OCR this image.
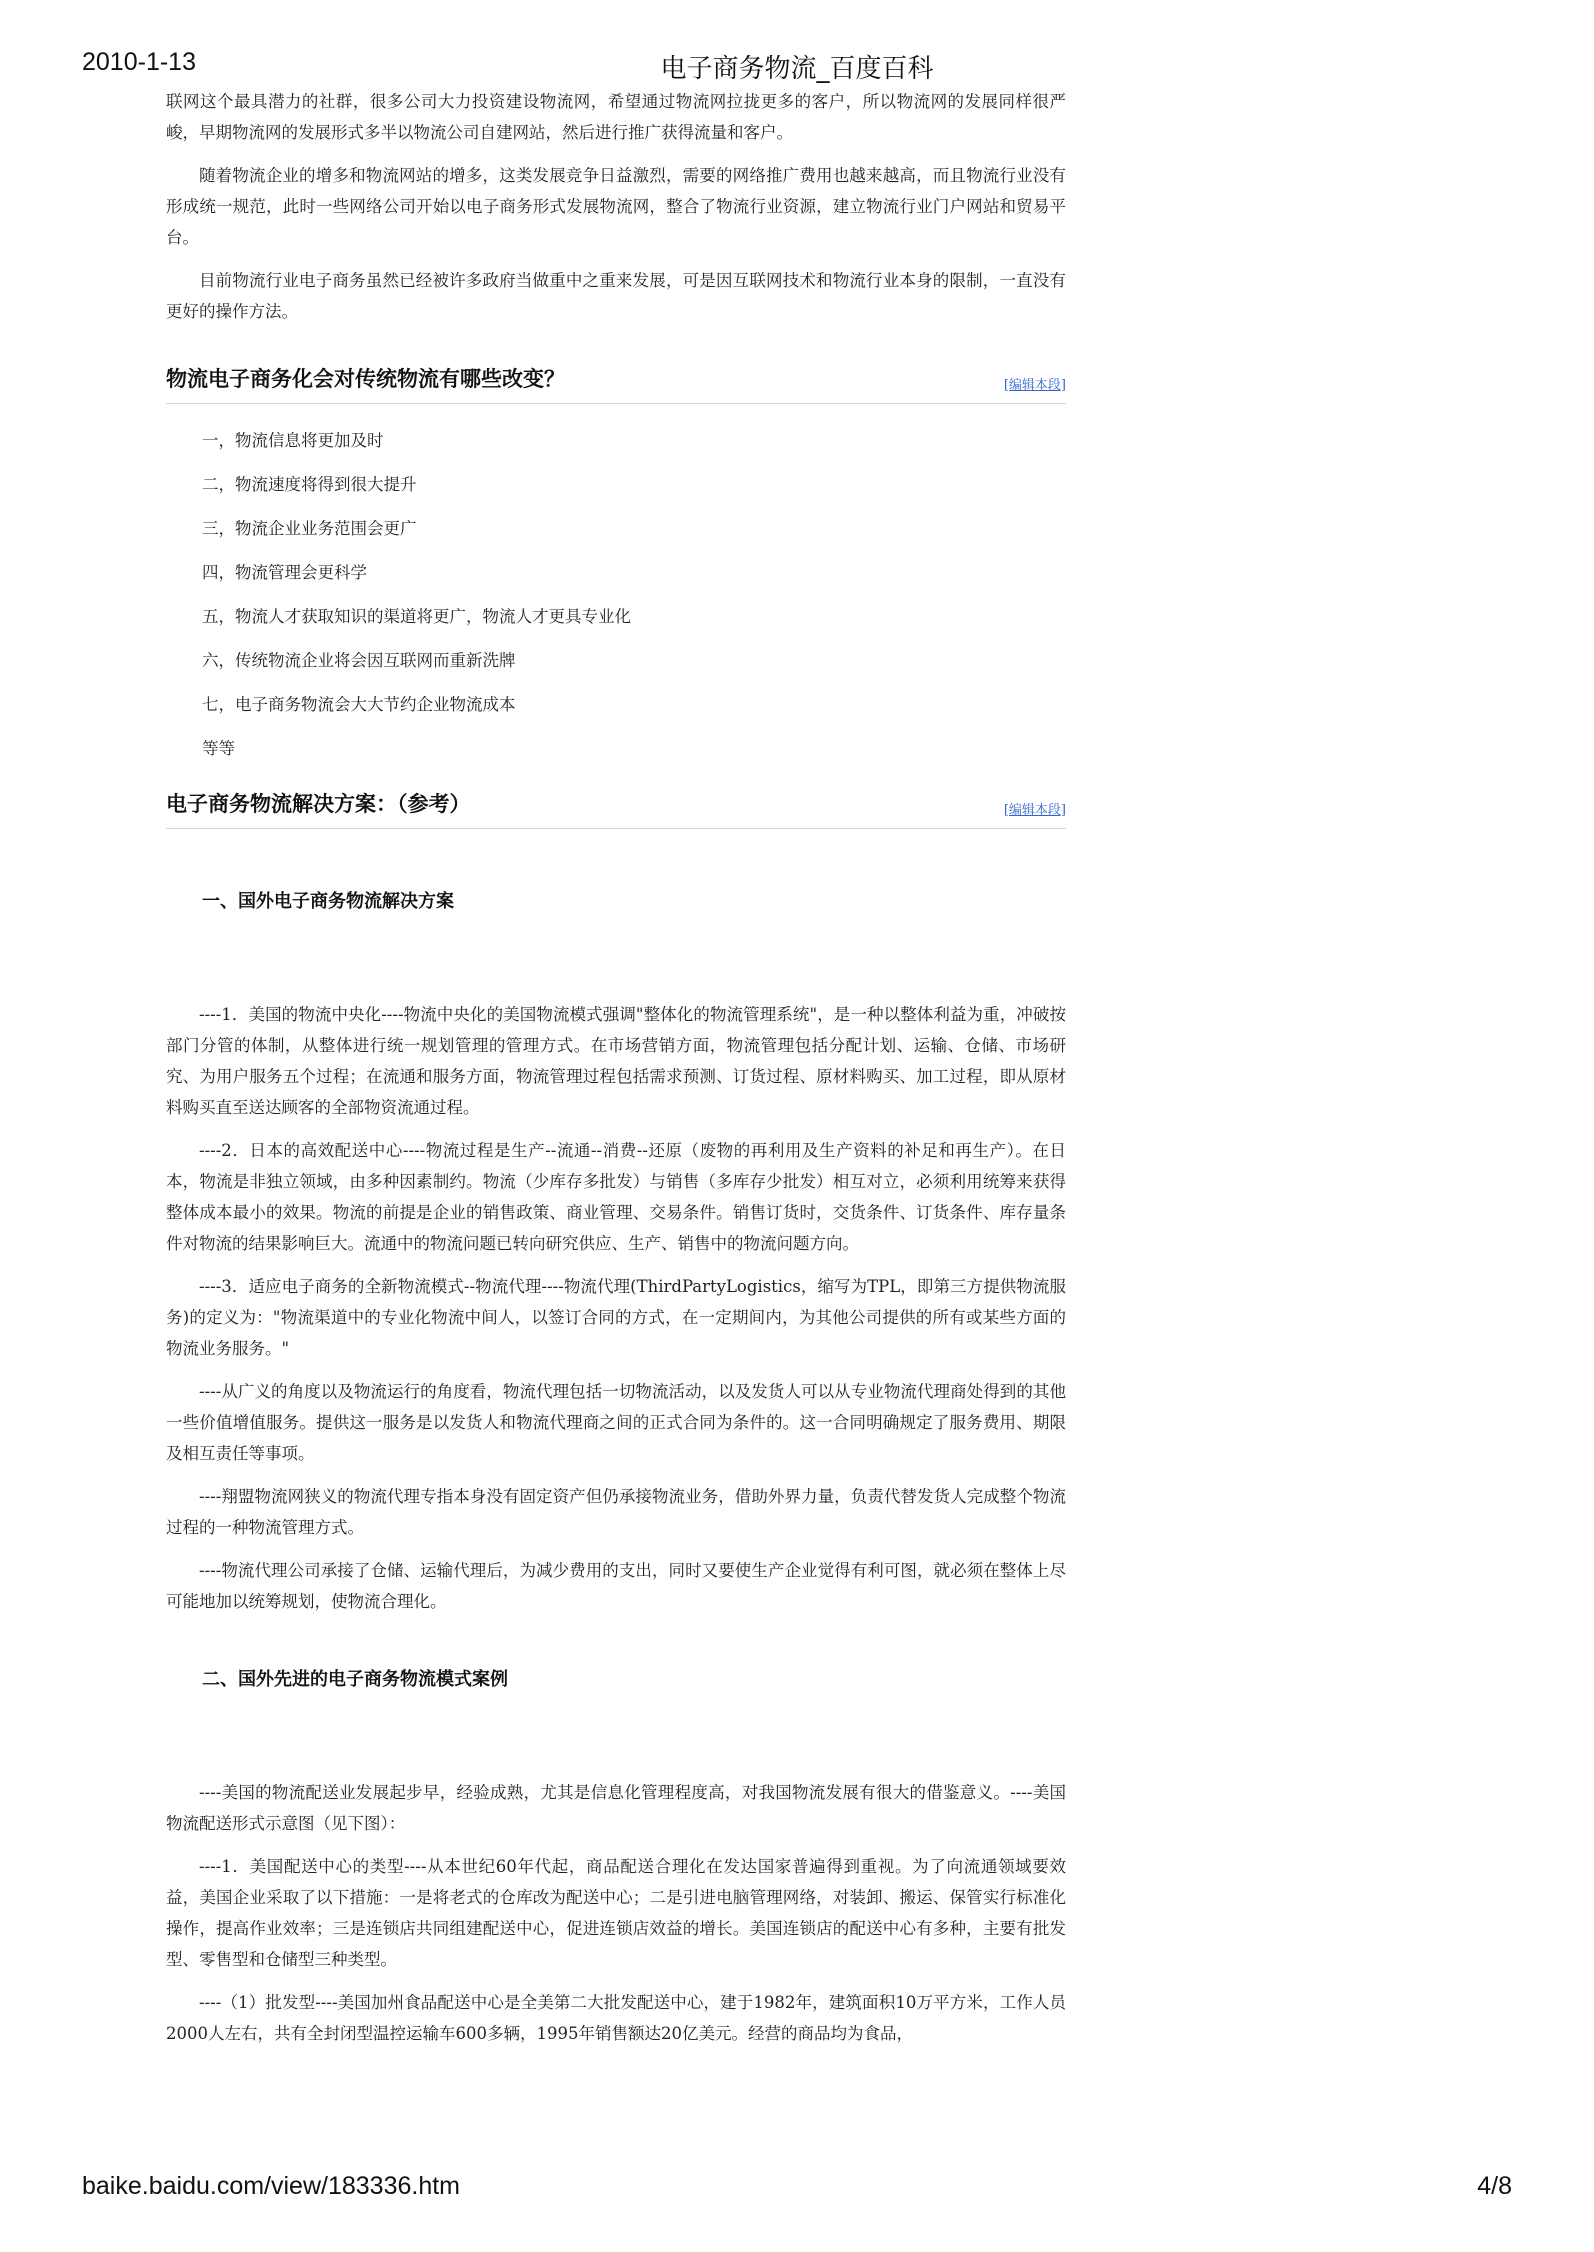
2010-1-13	电子商务物流_百度百科

联网这个最具潜力的社群，很多公司大力投资建设物流网，希望通过物流网拉拢更多的客户，所以物流网的发展同样很严峻，早期物流网的发展形式多半以物流公司自建网站，然后进行推广获得流量和客户。

随着物流企业的增多和物流网站的增多，这类发展竞争日益激烈，需要的网络推广费用也越来越高，而且物流行业没有形成统一规范，此时一些网络公司开始以电子商务形式发展物流网，整合了物流行业资源，建立物流行业门户网站和贸易平台。

目前物流行业电子商务虽然已经被许多政府当做重中之重来发展，可是因互联网技术和物流行业本身的限制，一直没有更好的操作方法。

物流电子商务化会对传统物流有哪些改变？	[编辑本段]

一，物流信息将更加及时

二，物流速度将得到很大提升

三，物流企业业务范围会更广

四，物流管理会更科学

五，物流人才获取知识的渠道将更广，物流人才更具专业化

六，传统物流企业将会因互联网而重新洗牌

七，电子商务物流会大大节约企业物流成本

等等

电子商务物流解决方案：（参考）	[编辑本段]
一、国外电子商务物流解决方案

----1．美国的物流中央化----物流中央化的美国物流模式强调"整体化的物流管理系统"，是一种以整体利益为重，冲破按部门分管的体制，从整体进行统一规划管理的管理方式。在市场营销方面，物流管理包括分配计划、运输、仓储、市场研究、为用户服务五个过程；在流通和服务方面，物流管理过程包括需求预测、订货过程、原材料购买、加工过程，即从原材料购买直至送达顾客的全部物资流通过程。

----2．日本的高效配送中心----物流过程是生产--流通--消费--还原（废物的再利用及生产资料的补足和再生产）。在日本，物流是非独立领域，由多种因素制约。物流（少库存多批发）与销售（多库存少批发）相互对立，必须利用统筹来获得整体成本最小的效果。物流的前提是企业的销售政策、商业管理、交易条件。销售订货时，交货条件、订货条件、库存量条件对物流的结果影响巨大。流通中的物流问题已转向研究供应、生产、销售中的物流问题方向。

----3．适应电子商务的全新物流模式--物流代理----物流代理(ThirdPartyLogistics，缩写为TPL，即第三方提供物流服务)的定义为："物流渠道中的专业化物流中间人，以签订合同的方式，在一定期间内，为其他公司提供的所有或某些方面的物流业务服务。"

----从广义的角度以及物流运行的角度看，物流代理包括一切物流活动，以及发货人可以从专业物流代理商处得到的其他一些价值增值服务。提供这一服务是以发货人和物流代理商之间的正式合同为条件的。这一合同明确规定了服务费用、期限及相互责任等事项。

----翔盟物流网狭义的物流代理专指本身没有固定资产但仍承接物流业务，借助外界力量，负责代替发货人完成整个物流过程的一种物流管理方式。

----物流代理公司承接了仓储、运输代理后，为减少费用的支出，同时又要使生产企业觉得有利可图，就必须在整体上尽可能地加以统筹规划，使物流合理化。

二、国外先进的电子商务物流模式案例

----美国的物流配送业发展起步早，经验成熟，尤其是信息化管理程度高，对我国物流发展有很大的借鉴意义。----美国物流配送形式示意图（见下图）：

----1．美国配送中心的类型----从本世纪60年代起，商品配送合理化在发达国家普遍得到重视。为了向流通领域要效益，美国企业采取了以下措施：一是将老式的仓库改为配送中心；二是引进电脑管理网络，对装卸、搬运、保管实行标准化操作，提高作业效率；三是连锁店共同组建配送中心，促进连锁店效益的增长。美国连锁店的配送中心有多种，主要有批发型、零售型和仓储型三种类型。

----（1）批发型----美国加州食品配送中心是全美第二大批发配送中心，建于1982年，建筑面积10万平方米，工作人员2000人左右，共有全封闭型温控运输车600多辆，1995年销售额达20亿美元。经营的商品均为食品，

baike.baidu.com/view/183336.htm	4/8
